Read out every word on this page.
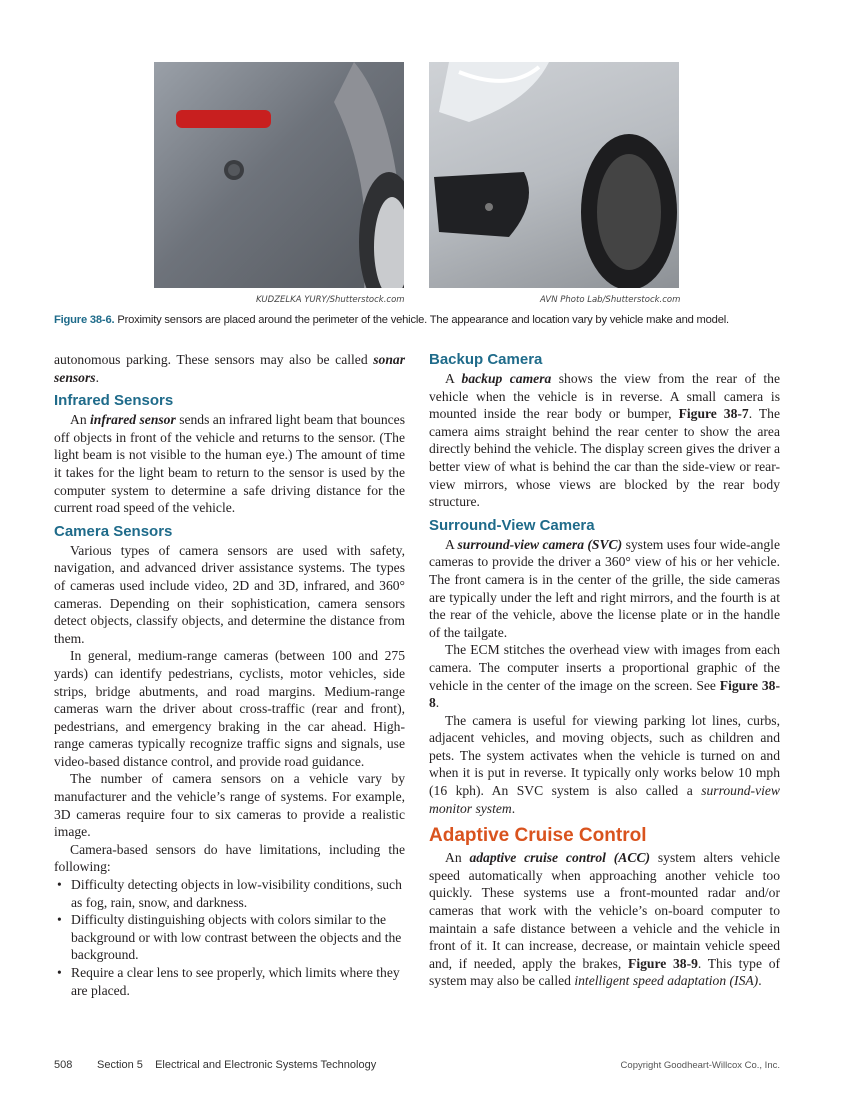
KUDZELKA YURY/Shutterstock.com	AVN Photo Lab/Shutterstock.com
Figure 38-6. Proximity sensors are placed around the perimeter of the vehicle. The appearance and location vary by vehicle make and model.

autonomous parking. These sensors may also be called sonar sensors.

Infrared Sensors

An infrared sensor sends an infrared light beam that bounces off objects in front of the vehicle and returns to the sensor. (The light beam is not visible to the human eye.) The amount of time it takes for the light beam to return to the sensor is used by the computer system to determine a safe driving distance for the current road speed of the vehicle.

Camera Sensors

Various types of camera sensors are used with safety, navigation, and advanced driver assistance systems. The types of cameras used include video, 2D and 3D, infrared, and 360° cameras. Depending on their sophistication, camera sensors detect objects, classify objects, and determine the distance from them.

In general, medium-range cameras (between 100 and 275 yards) can identify pedestrians, cyclists, motor vehicles, side strips, bridge abutments, and road margins. Medium-range cameras warn the driver about cross-traffic (rear and front), pedestrians, and emergency braking in the car ahead. High-range cameras typically recognize traffic signs and signals, use video-based distance control, and provide road guidance.

The number of camera sensors on a vehicle vary by manufacturer and the vehicle’s range of systems. For example, 3D cameras require four to six cameras to provide a realistic image.

Camera-based sensors do have limitations, including the following:

• Difficulty detecting objects in low-visibility conditions, such as fog, rain, snow, and darkness.
• Difficulty distinguishing objects with colors similar to the background or with low contrast between the objects and the background.
• Require a clear lens to see properly, which limits where they are placed.
Backup Camera

A backup camera shows the view from the rear of the vehicle when the vehicle is in reverse. A small camera is mounted inside the rear body or bumper, Figure 38-7. The camera aims straight behind the rear center to show the area directly behind the vehicle. The display screen gives the driver a better view of what is behind the car than the side-view or rear-view mirrors, whose views are blocked by the rear body structure.

Surround-View Camera

A surround-view camera (SVC) system uses four wide-angle cameras to provide the driver a 360° view of his or her vehicle. The front camera is in the center of the grille, the side cameras are typically under the left and right mirrors, and the fourth is at the rear of the vehicle, above the license plate or in the handle of the tailgate.

The ECM stitches the overhead view with images from each camera. The computer inserts a proportional graphic of the vehicle in the center of the image on the screen. See Figure 38-8.

The camera is useful for viewing parking lot lines, curbs, adjacent vehicles, and moving objects, such as children and pets. The system activates when the vehicle is turned on and when it is put in reverse. It typically only works below 10 mph (16 kph). An SVC system is also called a surround-view monitor system.

Adaptive Cruise Control

An adaptive cruise control (ACC) system alters vehicle speed automatically when approaching another vehicle too quickly. These systems use a front-mounted radar and/or cameras that work with the vehicle’s on-board computer to maintain a safe distance between a vehicle and the vehicle in front of it. It can increase, decrease, or maintain vehicle speed and, if needed, apply the brakes, Figure 38-9. This type of system may also be called intelligent speed adaptation (ISA).

508 Section 5    Electrical and Electronic Systems Technology	Copyright Goodheart-Willcox Co., Inc.
